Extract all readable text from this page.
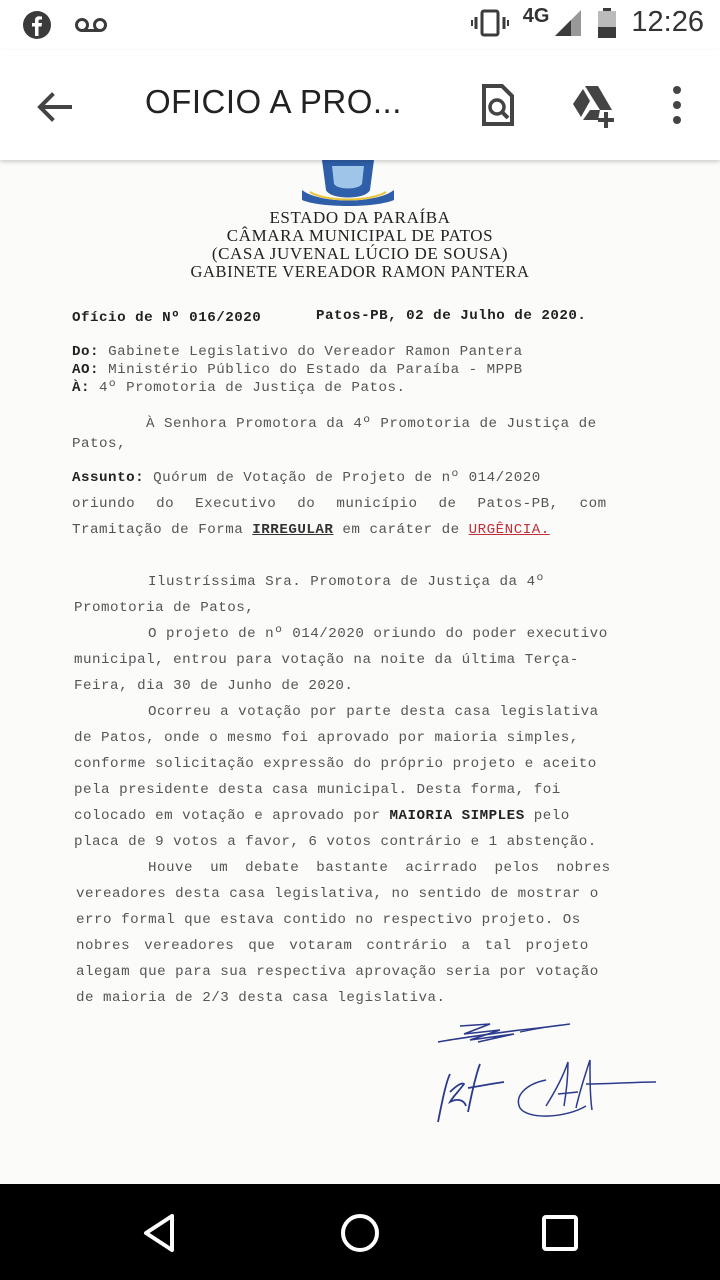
4G	12:26
OFICIO A PRO...
ESTADO DA PARAÍBA
CÂMARA MUNICIPAL DE PATOS
(CASA JUVENAL LÚCIO DE SOUSA)
GABINETE VEREADOR RAMON PANTERA
Ofício de Nº 016/2020	Patos-PB, 02 de Julho de 2020.
Do: Gabinete Legislativo do Vereador Ramon Pantera
AO: Ministério Público do Estado da Paraíba - MPPB
À: 4º Promotoria de Justiça de Patos.
À Senhora Promotora da 4º Promotoria de Justiça de
Patos,
Assunto: Quórum de Votação de Projeto de nº 014/2020
oriundo do Executivo do município de Patos-PB, com
Tramitação de Forma IRREGULAR em caráter de URGÊNCIA.
Ilustríssima Sra. Promotora de Justiça da 4º
Promotoria de Patos,
O projeto de nº 014/2020 oriundo do poder executivo
municipal, entrou para votação na noite da última Terça-
Feira, dia 30 de Junho de 2020.
Ocorreu a votação por parte desta casa legislativa
de Patos, onde o mesmo foi aprovado por maioria simples,
conforme solicitação expressão do próprio projeto e aceito
pela presidente desta casa municipal. Desta forma, foi
colocado em votação e aprovado por MAIORIA SIMPLES pelo
placa de 9 votos a favor, 6 votos contrário e 1 abstenção.
Houve um debate bastante acirrado pelos nobres
vereadores desta casa legislativa, no sentido de mostrar o
erro formal que estava contido no respectivo projeto. Os
nobres vereadores que votaram contrário a tal projeto
alegam que para sua respectiva aprovação seria por votação
de maioria de 2/3 desta casa legislativa.
